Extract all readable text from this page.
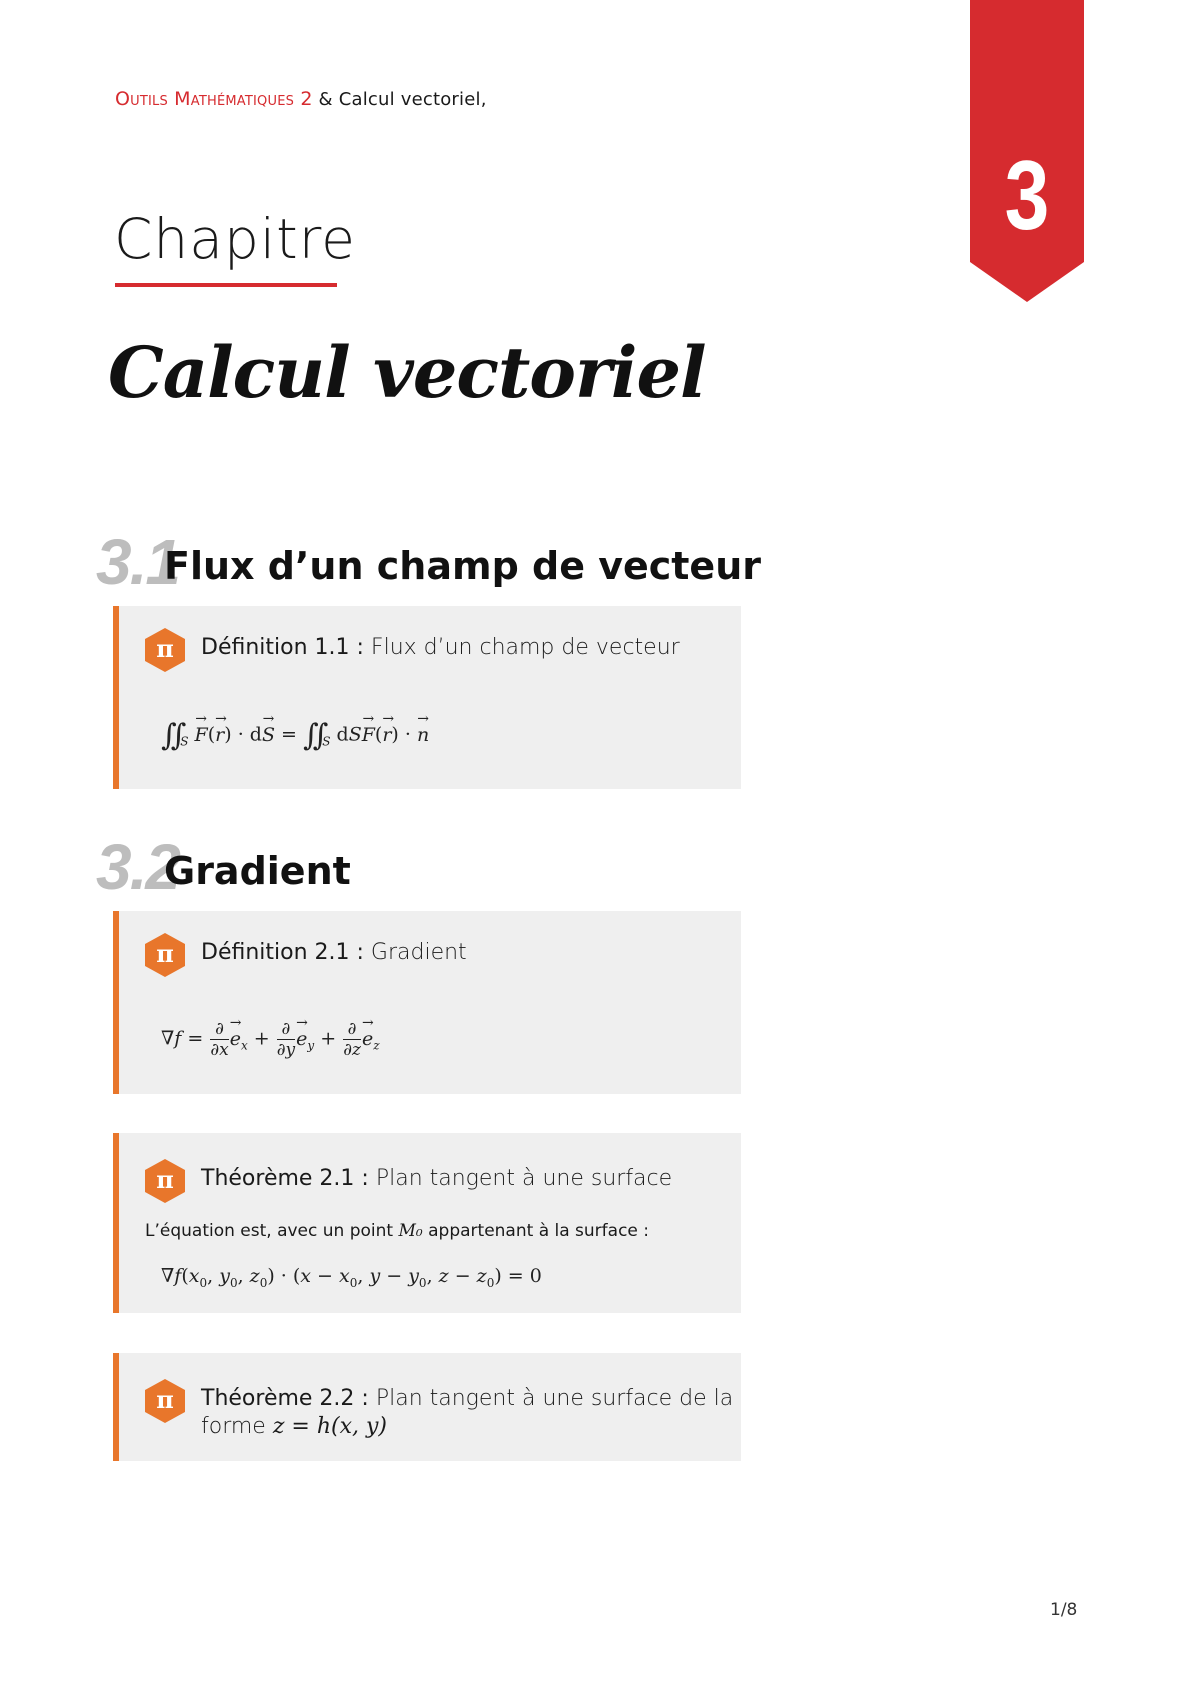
Outils Mathématiques 2 & Calcul vectoriel,
3
Chapitre
Calcul vectoriel
3.1
Flux d’un champ de vecteur
π	Définition 1.1 : Flux d’un champ de vecteur
$\int\int_S \to F(\to r) \cdot d\to S = \int\int_S$ dS→ F(→ r) · → n
3.2
Gradient
π	Définition 2.1 : Gradient
$\nabla f = \frac{\partial}{\partial x}$
→ $e_x + \frac{\partial}{\partial y}$
→ $e_y + \frac{\partial}{\partial z}$
→ $e_z$
π	Théorème 2.1 : Plan tangent à une surface
L’équation est, avec un point M₀ appartenant à la surface :
$\nabla f(x_0$, $y_0$, $z_0) \cdot (x - x_0$, $y - y_0$, $z - z_0) = 0$
π	Théorème 2.2 : Plan tangent à une surface de la
forme z = h(x, y)
1/8
